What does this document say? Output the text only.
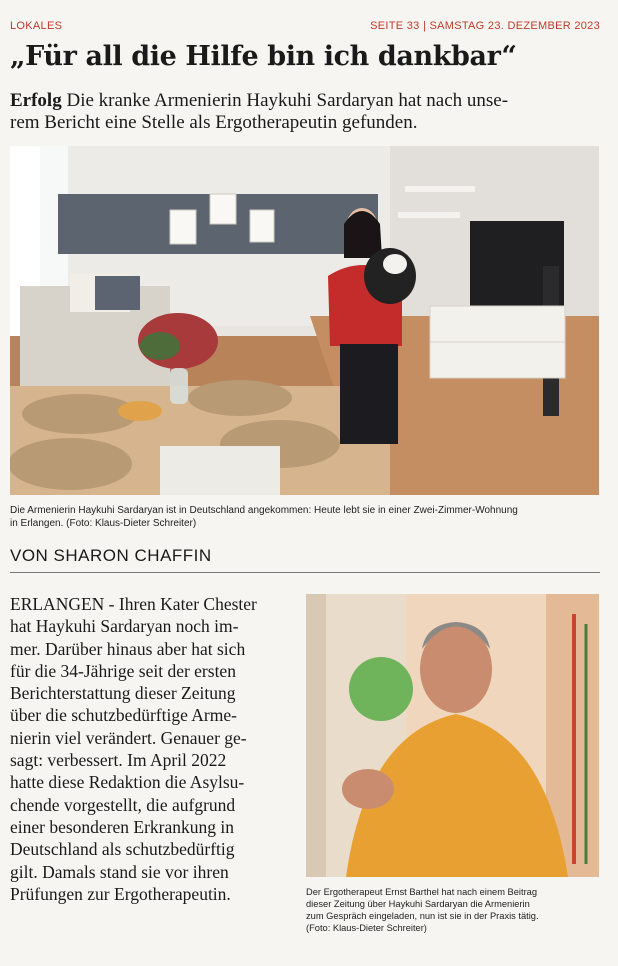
LOKALES	SEITE 33 | SAMSTAG 23. DEZEMBER 2023
„Für all die Hilfe bin ich dankbar“
Erfolg Die kranke Armenierin Haykuhi Sardaryan hat nach unse-
rem Bericht eine Stelle als Ergotherapeutin gefunden.
Die Armenierin Haykuhi Sardaryan ist in Deutschland angekommen: Heute lebt sie in einer Zwei-Zimmer-Wohnung
in Erlangen. (Foto: Klaus-Dieter Schreiter)
VON SHARON CHAFFIN
ERLANGEN - Ihren Kater Chester
hat Haykuhi Sardaryan noch im-
mer. Darüber hinaus aber hat sich
für die 34-Jährige seit der ersten
Berichterstattung dieser Zeitung
über die schutzbedürftige Arme-
nierin viel verändert. Genauer ge-
sagt: verbessert. Im April 2022
hatte diese Redaktion die Asylsu-
chende vorgestellt, die aufgrund
einer besonderen Erkrankung in
Deutschland als schutzbedürftig
gilt. Damals stand sie vor ihren
Prüfungen zur Ergotherapeutin.	Der Ergotherapeut Ernst Barthel hat nach einem Beitrag
dieser Zeitung über Haykuhi Sardaryan die Armenierin
zum Gespräch eingeladen, nun ist sie in der Praxis tätig.
(Foto: Klaus-Dieter Schreiter)
